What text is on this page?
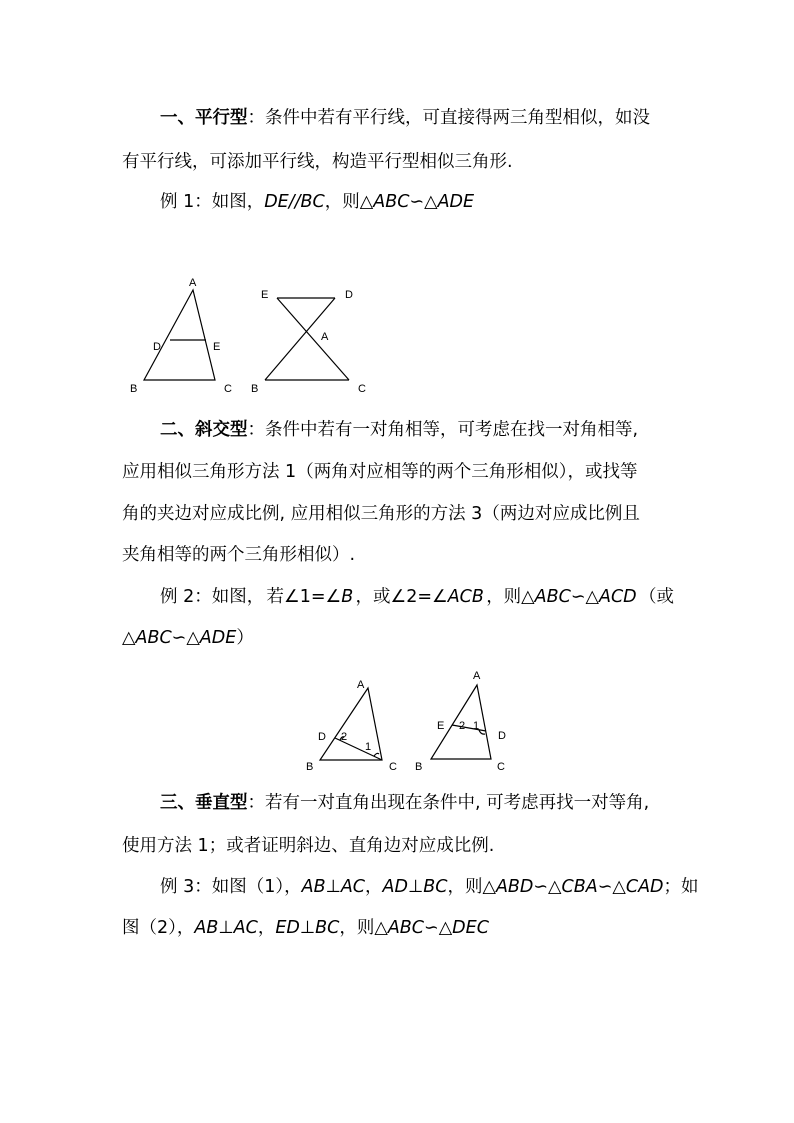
一、平行型：条件中若有平行线，可直接得两三角型相似，如没
有平行线，可添加平行线，构造平行型相似三角形.
例 1：如图，DE//BC，则△ABC∽△ADE
A
D	E
B	C
E	D
A
B	C
二、斜交型：条件中若有一对角相等，可考虑在找一对角相等,
应用相似三角形方法 1（两角对应相等的两个三角形相似），或找等
角的夹边对应成比例, 应用相似三角形的方法 3（两边对应成比例且
夹角相等的两个三角形相似）.
例 2：如图， 若∠1=∠B ，或∠2=∠ACB ，则△ABC∽△ACD （或
△ABC∽△ADE）
A
D 2
1
B	C
A
E 2 1
D
B	C
三、垂直型：若有一对直角出现在条件中, 可考虑再找一对等角,
使用方法 1；或者证明斜边、直角边对应成比例.
例 3：如图（1），AB⊥AC，AD⊥BC，则△ABD∽△CBA∽△CAD；如
图（2），AB⊥AC，ED⊥BC，则△ABC∽△DEC
